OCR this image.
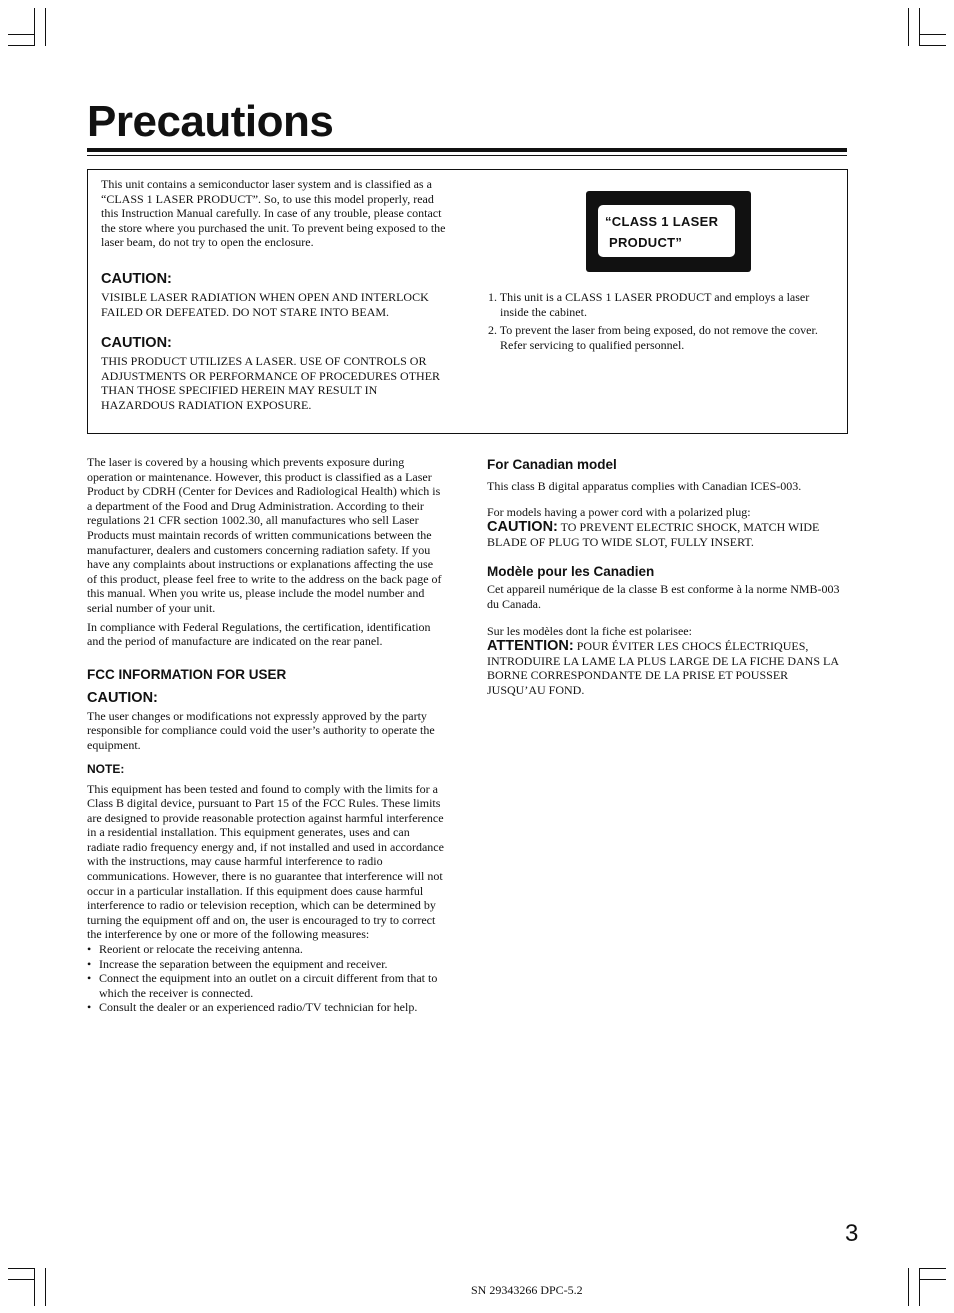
Precautions

This unit contains a semiconductor laser system and is classified as a “CLASS 1 LASER PRODUCT”. So, to use this model properly, read this Instruction Manual carefully. In case of any trouble, please contact the store where you purchased the unit. To prevent being exposed to the laser beam, do not try to open the enclosure.

CAUTION:

VISIBLE LASER RADIATION WHEN OPEN AND INTERLOCK FAILED OR DEFEATED. DO NOT STARE INTO BEAM.

CAUTION:

THIS PRODUCT UTILIZES A LASER. USE OF CONTROLS OR ADJUSTMENTS OR PERFORMANCE OF PROCEDURES OTHER THAN THOSE SPECIFIED HEREIN MAY RESULT IN HAZARDOUS RADIATION EXPOSURE.

“CLASS 1 LASER
PRODUCT”
1. This unit is a CLASS 1 LASER PRODUCT and employs a laser inside the cabinet.
2. To prevent the laser from being exposed, do not remove the cover. Refer servicing to qualified personnel.

The laser is covered by a housing which prevents exposure during operation or maintenance. However, this product is classified as a Laser Product by CDRH (Center for Devices and Radiological Health) which is a department of the Food and Drug Administration. According to their regulations 21 CFR section 1002.30, all manufactures who sell Laser Products must maintain records of written communications between the manufacturer, dealers and customers concerning radiation safety. If you have any complaints about instructions or explanations affecting the use of this product, please feel free to write to the address on the back page of this manual. When you write us, please include the model number and serial number of your unit.

In compliance with Federal Regulations, the certification, identification and the period of manufacture are indicated on the rear panel.

FCC INFORMATION FOR USER

CAUTION:

The user changes or modifications not expressly approved by the party responsible for compliance could void the user’s authority to operate the equipment.

NOTE:

This equipment has been tested and found to comply with the limits for a Class B digital device, pursuant to Part 15 of the FCC Rules. These limits are designed to provide reasonable protection against harmful interference in a residential installation. This equipment generates, uses and can radiate radio frequency energy and, if not installed and used in accordance with the instructions, may cause harmful interference to radio communications. However, there is no guarantee that interference will not occur in a particular installation. If this equipment does cause harmful interference to radio or television reception, which can be determined by turning the equipment off and on, the user is encouraged to try to correct the interference by one or more of the following measures:

• Reorient or relocate the receiving antenna.
• Increase the separation between the equipment and receiver.
• Connect the equipment into an outlet on a circuit different from that to which the receiver is connected.
• Consult the dealer or an experienced radio/TV technician for help.

For Canadian model

This class B digital apparatus complies with Canadian ICES-003.

For models having a power cord with a polarized plug:

CAUTION: TO PREVENT ELECTRIC SHOCK, MATCH WIDE BLADE OF PLUG TO WIDE SLOT, FULLY INSERT.

Modèle pour les Canadien

Cet appareil numérique de la classe B est conforme à la norme NMB-003 du Canada.

Sur les modèles dont la fiche est polarisee:

ATTENTION: POUR ÉVITER LES CHOCS ÉLECTRIQUES, INTRODUIRE LA LAME LA PLUS LARGE DE LA FICHE DANS LA BORNE CORRESPONDANTE DE LA PRISE ET POUSSER JUSQU’AU FOND.

3
SN 29343266 DPC-5.2
